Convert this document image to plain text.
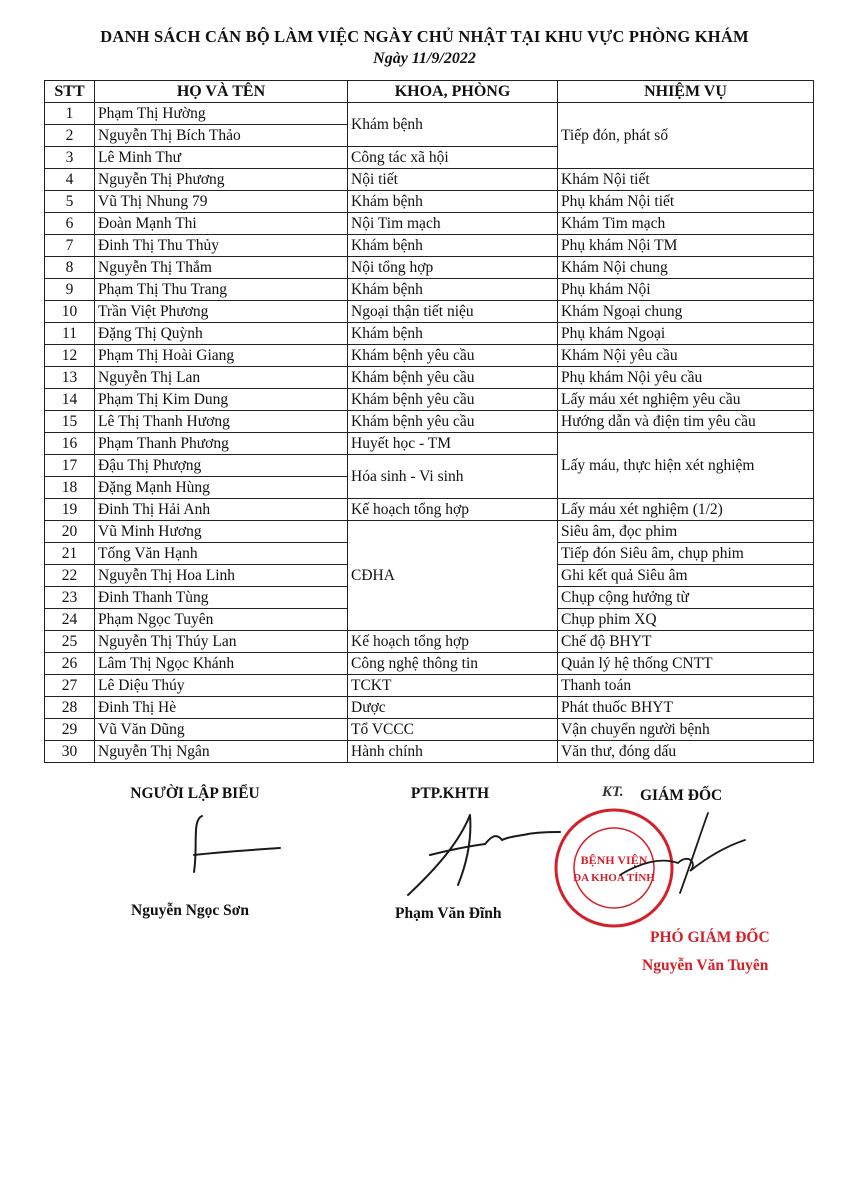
DANH SÁCH CÁN BỘ LÀM VIỆC NGÀY CHỦ NHẬT TẠI KHU VỰC PHÒNG KHÁM
Ngày 11/9/2022
STT	HỌ VÀ TÊN	KHOA, PHÒNG	NHIỆM VỤ
1	Phạm Thị Hường	Khám bệnh	Tiếp đón, phát số
2	Nguyễn Thị Bích Thảo		
3	Lê Minh Thư	Công tác xã hội	
4	Nguyễn Thị Phương	Nội tiết	Khám Nội tiết
5	Vũ Thị Nhung 79	Khám bệnh	Phụ khám Nội tiết
6	Đoàn Mạnh Thi	Nội Tim mạch	Khám Tim mạch
7	Đinh Thị Thu Thủy	Khám bệnh	Phụ khám Nội TM
8	Nguyễn Thị Thắm	Nội tổng hợp	Khám Nội chung
9	Phạm Thị Thu Trang	Khám bệnh	Phụ khám Nội
10	Trần Việt Phương	Ngoại thận tiết niệu	Khám Ngoại chung
11	Đặng Thị Quỳnh	Khám bệnh	Phụ khám Ngoại
12	Phạm Thị Hoài Giang	Khám bệnh yêu cầu	Khám Nội yêu cầu
13	Nguyễn Thị Lan	Khám bệnh yêu cầu	Phụ khám Nội yêu cầu
14	Phạm Thị Kim Dung	Khám bệnh yêu cầu	Lấy máu xét nghiệm yêu cầu
15	Lê Thị Thanh Hương	Khám bệnh yêu cầu	Hướng dẫn và điện tim yêu cầu
16	Phạm Thanh Phương	Huyết học - TM	Lấy máu, thực hiện xét nghiệm
17	Đậu Thị Phượng	Hóa sinh - Vi sinh	
18	Đặng Mạnh Hùng		
19	Đinh Thị Hải Anh	Kế hoạch tổng hợp	Lấy máu xét nghiệm (1/2)
20	Vũ Minh Hương	CĐHA	Siêu âm, đọc phim
21	Tống Văn Hạnh		Tiếp đón Siêu âm, chụp phim
22	Nguyễn Thị Hoa Linh		Ghi kết quả Siêu âm
23	Đinh Thanh Tùng		Chụp cộng hưởng từ
24	Phạm Ngọc Tuyên		Chụp phim XQ
25	Nguyễn Thị Thúy Lan	Kế hoạch tổng hợp	Chế độ BHYT
26	Lâm Thị Ngọc Khánh	Công nghệ thông tin	Quản lý hệ thống CNTT
27	Lê Diệu Thúy	TCKT	Thanh toán
28	Đinh Thị Hè	Dược	Phát thuốc BHYT
29	Vũ Văn Dũng	Tổ VCCC	Vận chuyển người bệnh
30	Nguyễn Thị Ngân	Hành chính	Văn thư, đóng dấu
NGƯỜI LẬP BIỂU
Nguyễn Ngọc Sơn
PTP.KHTH
Phạm Văn Đĩnh
KT. GIÁM ĐỐC
BỆNH VIỆN
ĐA KHOA TỈNH
PHÓ GIÁM ĐỐC
Nguyễn Văn Tuyên
